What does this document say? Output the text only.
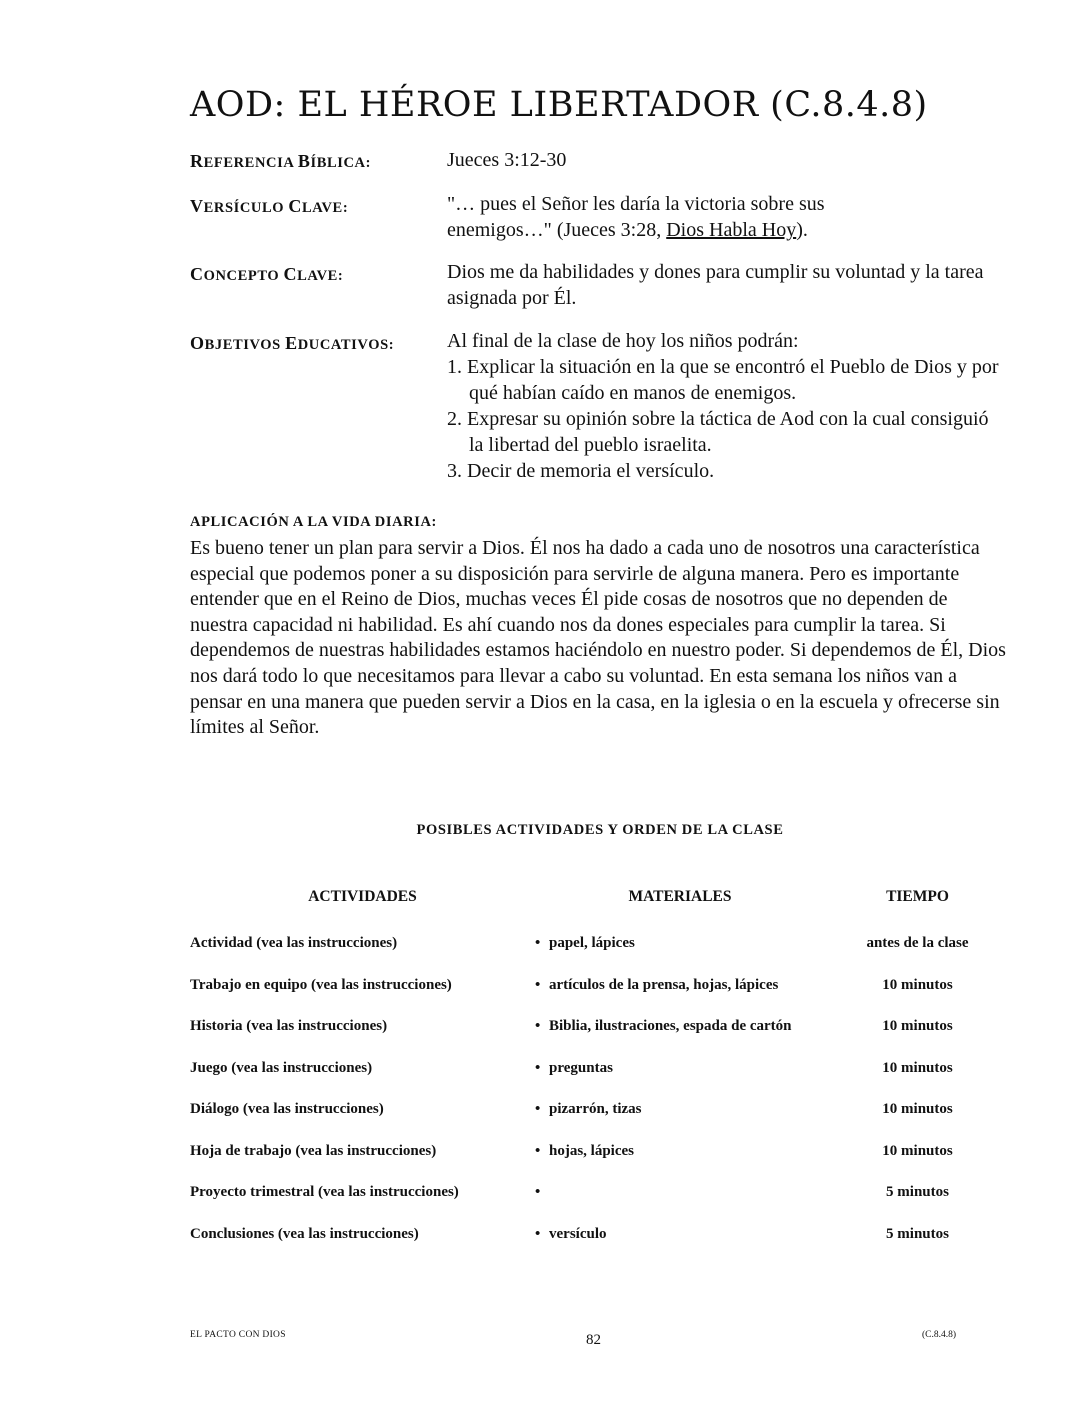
AOD: EL HÉROE LIBERTADOR (C.8.4.8)
REFERENCIA BÍBLICA:	Jueces 3:12-30
VERSÍCULO CLAVE:	"… pues el Señor les daría la victoria sobre sus enemigos…" (Jueces 3:28, Dios Habla Hoy).
CONCEPTO CLAVE:	Dios me da habilidades y dones para cumplir su voluntad y la tarea asignada por Él.
OBJETIVOS EDUCATIVOS:	Al final de la clase de hoy los niños podrán:
1. Explicar la situación en la que se encontró el Pueblo de Dios y por qué habían caído en manos de enemigos.
2. Expresar su opinión sobre la táctica de Aod con la cual consiguió la libertad del pueblo israelita.
3. Decir de memoria el versículo.
APLICACIÓN A LA VIDA DIARIA:
Es bueno tener un plan para servir a Dios. Él nos ha dado a cada uno de nosotros una característica especial que podemos poner a su disposición para servirle de alguna manera. Pero es importante entender que en el Reino de Dios, muchas veces Él pide cosas de nosotros que no dependen de nuestra capacidad ni habilidad. Es ahí cuando nos da dones especiales para cumplir la tarea. Si dependemos de nuestras habilidades estamos haciéndolo en nuestro poder. Si dependemos de Él, Dios nos dará todo lo que necesitamos para llevar a cabo su voluntad. En esta semana los niños van a pensar en una manera que pueden servir a Dios en la casa, en la iglesia o en la escuela y ofrecerse sin límites al Señor.
POSIBLES ACTIVIDADES Y ORDEN DE LA CLASE
ACTIVIDADES	MATERIALES	TIEMPO
Actividad (vea las instrucciones)	• papel, lápices	antes de la clase
Trabajo en equipo (vea las instrucciones)	• artículos de la prensa, hojas, lápices	10 minutos
Historia (vea las instrucciones)	• Biblia, ilustraciones, espada de cartón	10 minutos
Juego (vea las instrucciones)	• preguntas	10 minutos
Diálogo (vea las instrucciones)	• pizarrón, tizas	10 minutos
Hoja de trabajo (vea las instrucciones)	• hojas, lápices	10 minutos
Proyecto trimestral (vea las instrucciones)	•	5 minutos
Conclusiones (vea las instrucciones)	• versículo	5 minutos
EL PACTO CON DIOS	82	(C.8.4.8)
